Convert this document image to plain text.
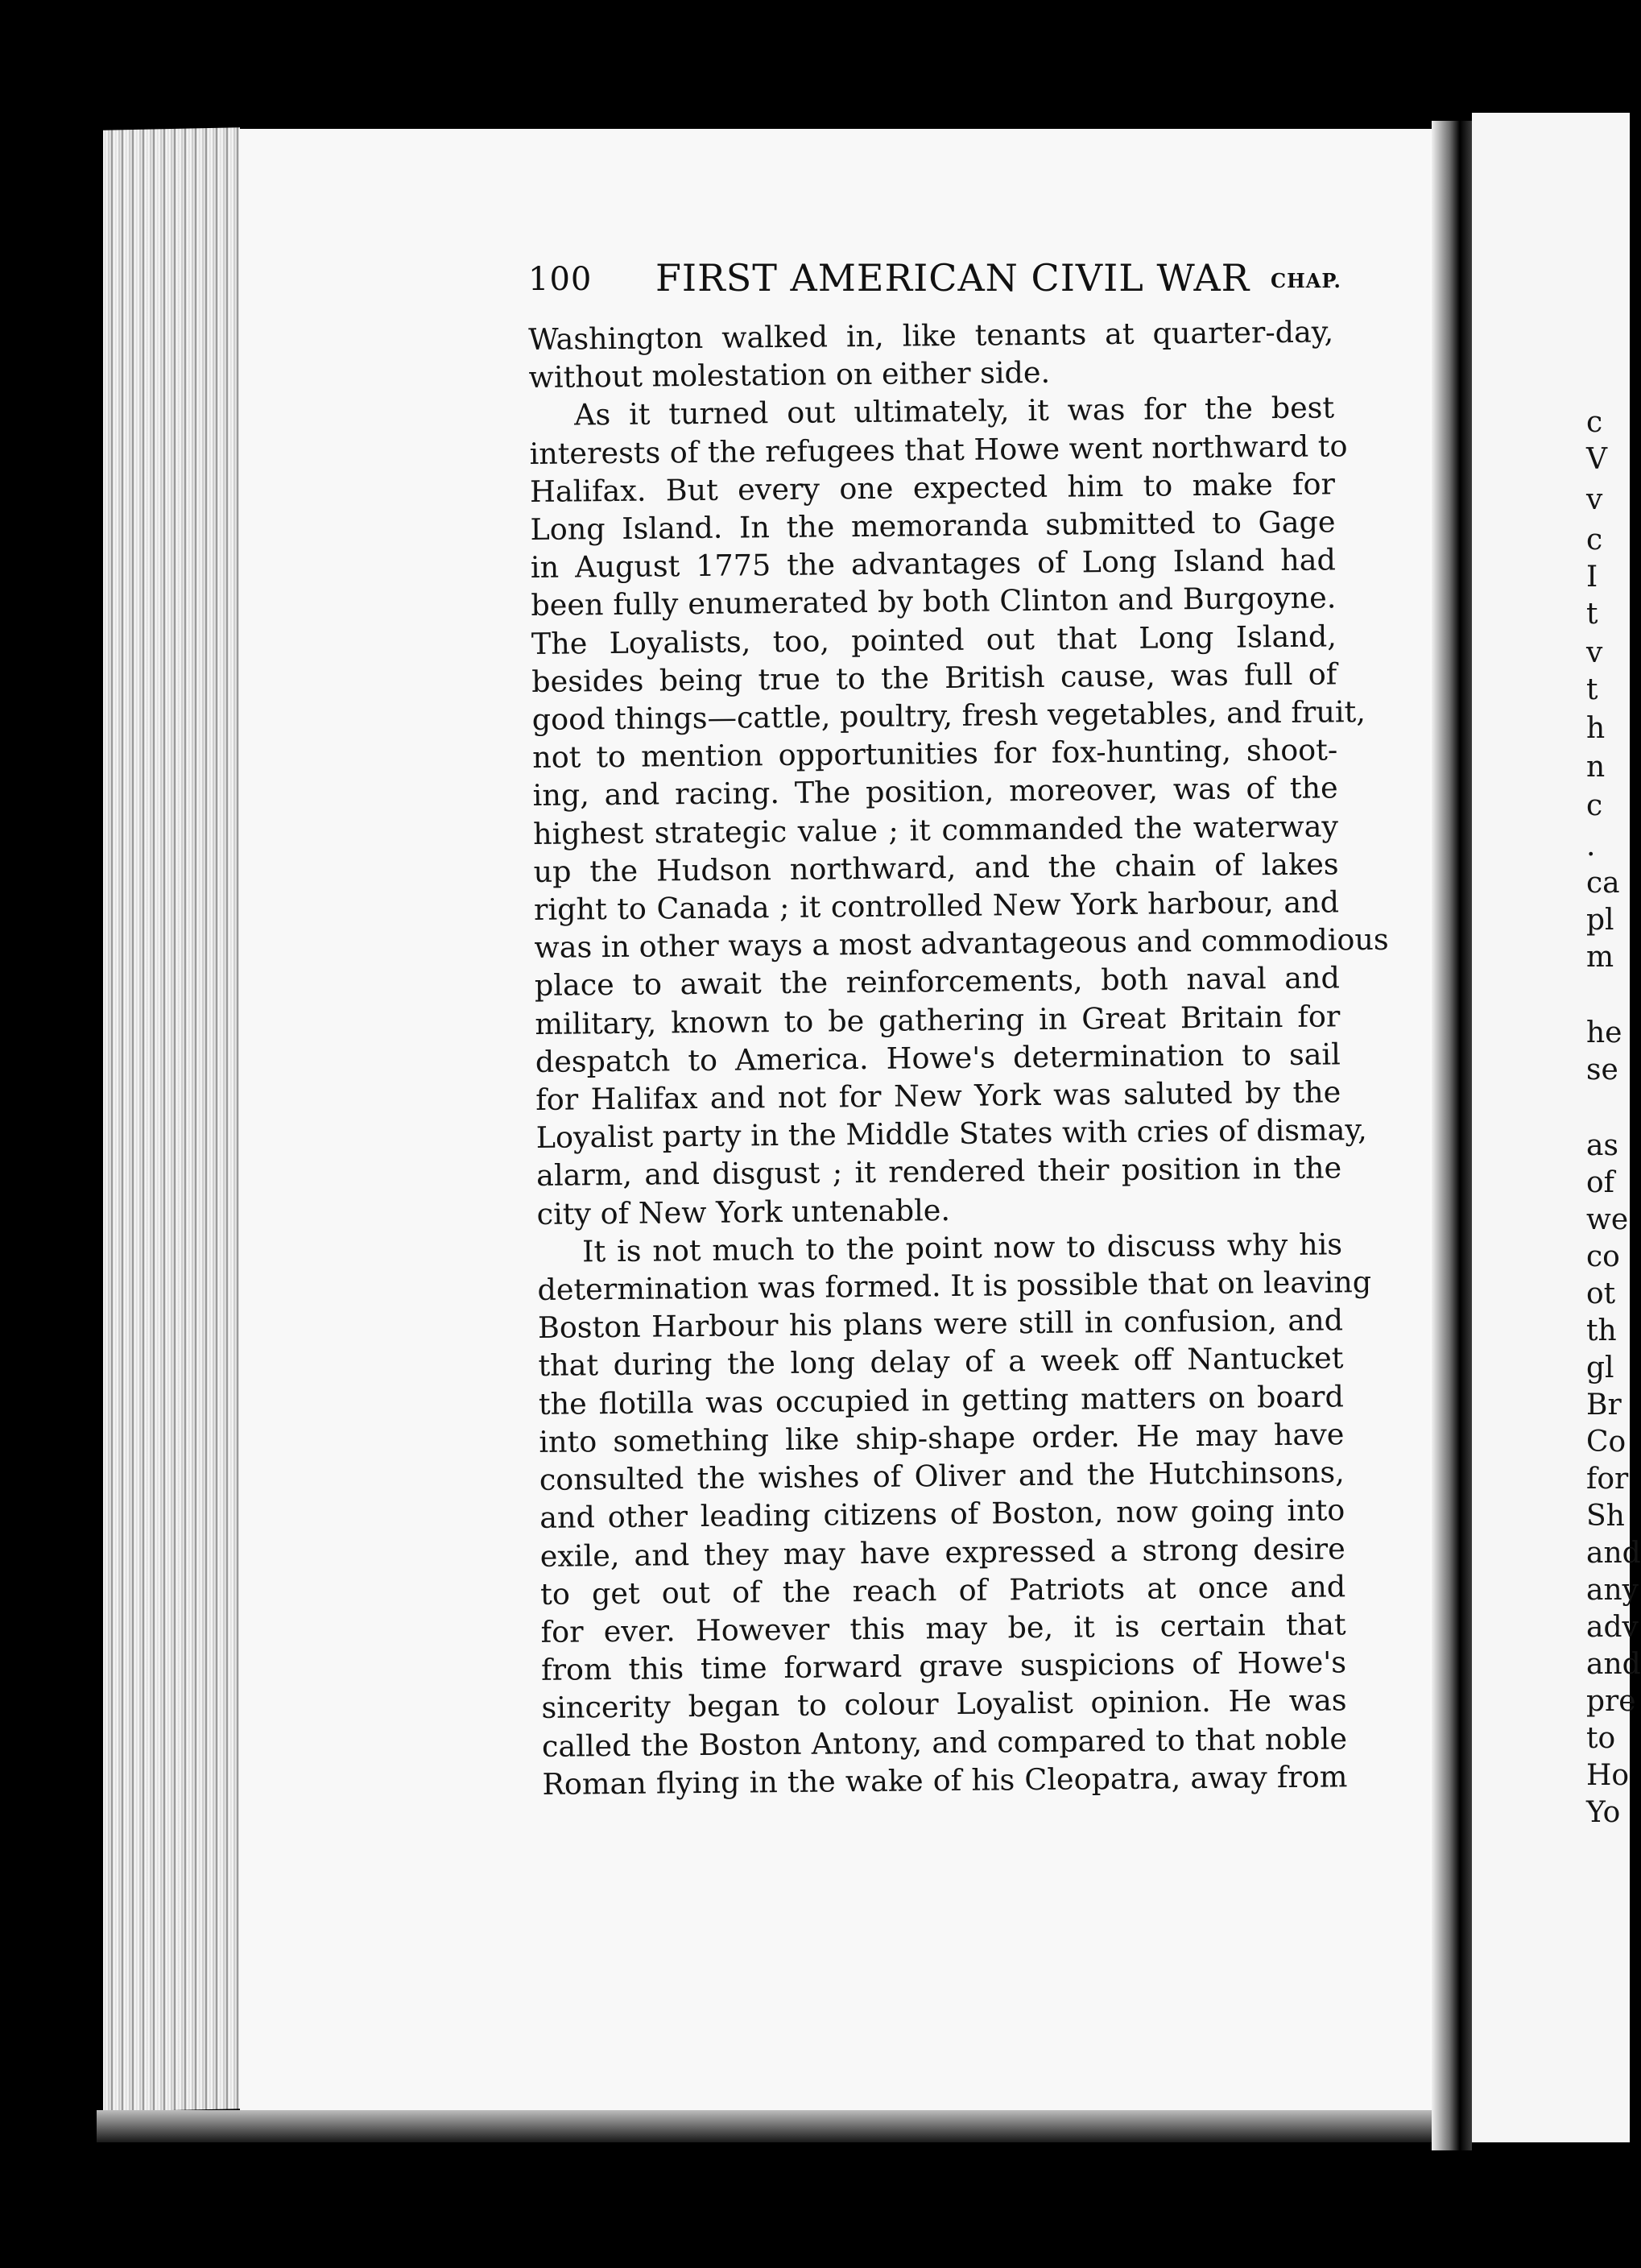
100 FIRST AMERICAN CIVIL WAR CHAP.
Washington walked in, like tenants at quarter-day,
without molestation on either side.
As it turned out ultimately, it was for the best
interests of the refugees that Howe went northward to
Halifax. But every one expected him to make for
Long Island. In the memoranda submitted to Gage
in August 1775 the advantages of Long Island had
been fully enumerated by both Clinton and Burgoyne.
The Loyalists, too, pointed out that Long Island,
besides being true to the British cause, was full of
good things—cattle, poultry, fresh vegetables, and fruit,
not to mention opportunities for fox-hunting, shoot-
ing, and racing. The position, moreover, was of the
highest strategic value ; it commanded the waterway
up the Hudson northward, and the chain of lakes
right to Canada ; it controlled New York harbour, and
was in other ways a most advantageous and commodious
place to await the reinforcements, both naval and
military, known to be gathering in Great Britain for
despatch to America. Howe's determination to sail
for Halifax and not for New York was saluted by the
Loyalist party in the Middle States with cries of dismay,
alarm, and disgust ; it rendered their position in the
city of New York untenable.
It is not much to the point now to discuss why his
determination was formed. It is possible that on leaving
Boston Harbour his plans were still in confusion, and
that during the long delay of a week off Nantucket
the flotilla was occupied in getting matters on board
into something like ship-shape order. He may have
consulted the wishes of Oliver and the Hutchinsons,
and other leading citizens of Boston, now going into
exile, and they may have expressed a strong desire
to get out of the reach of Patriots at once and
for ever. However this may be, it is certain that
from this time forward grave suspicions of Howe's
sincerity began to colour Loyalist opinion. He was
called the Boston Antony, and compared to that noble
Roman flying in the wake of his Cleopatra, away from
c
V
v
c
I
t
v
t
h
n
c
.
ca
pl
m
he
se
as
of
we
co
ot
th
gl
Br
Co
for
Sh
and
any
adv
and
pre
to
Ho
Yo
